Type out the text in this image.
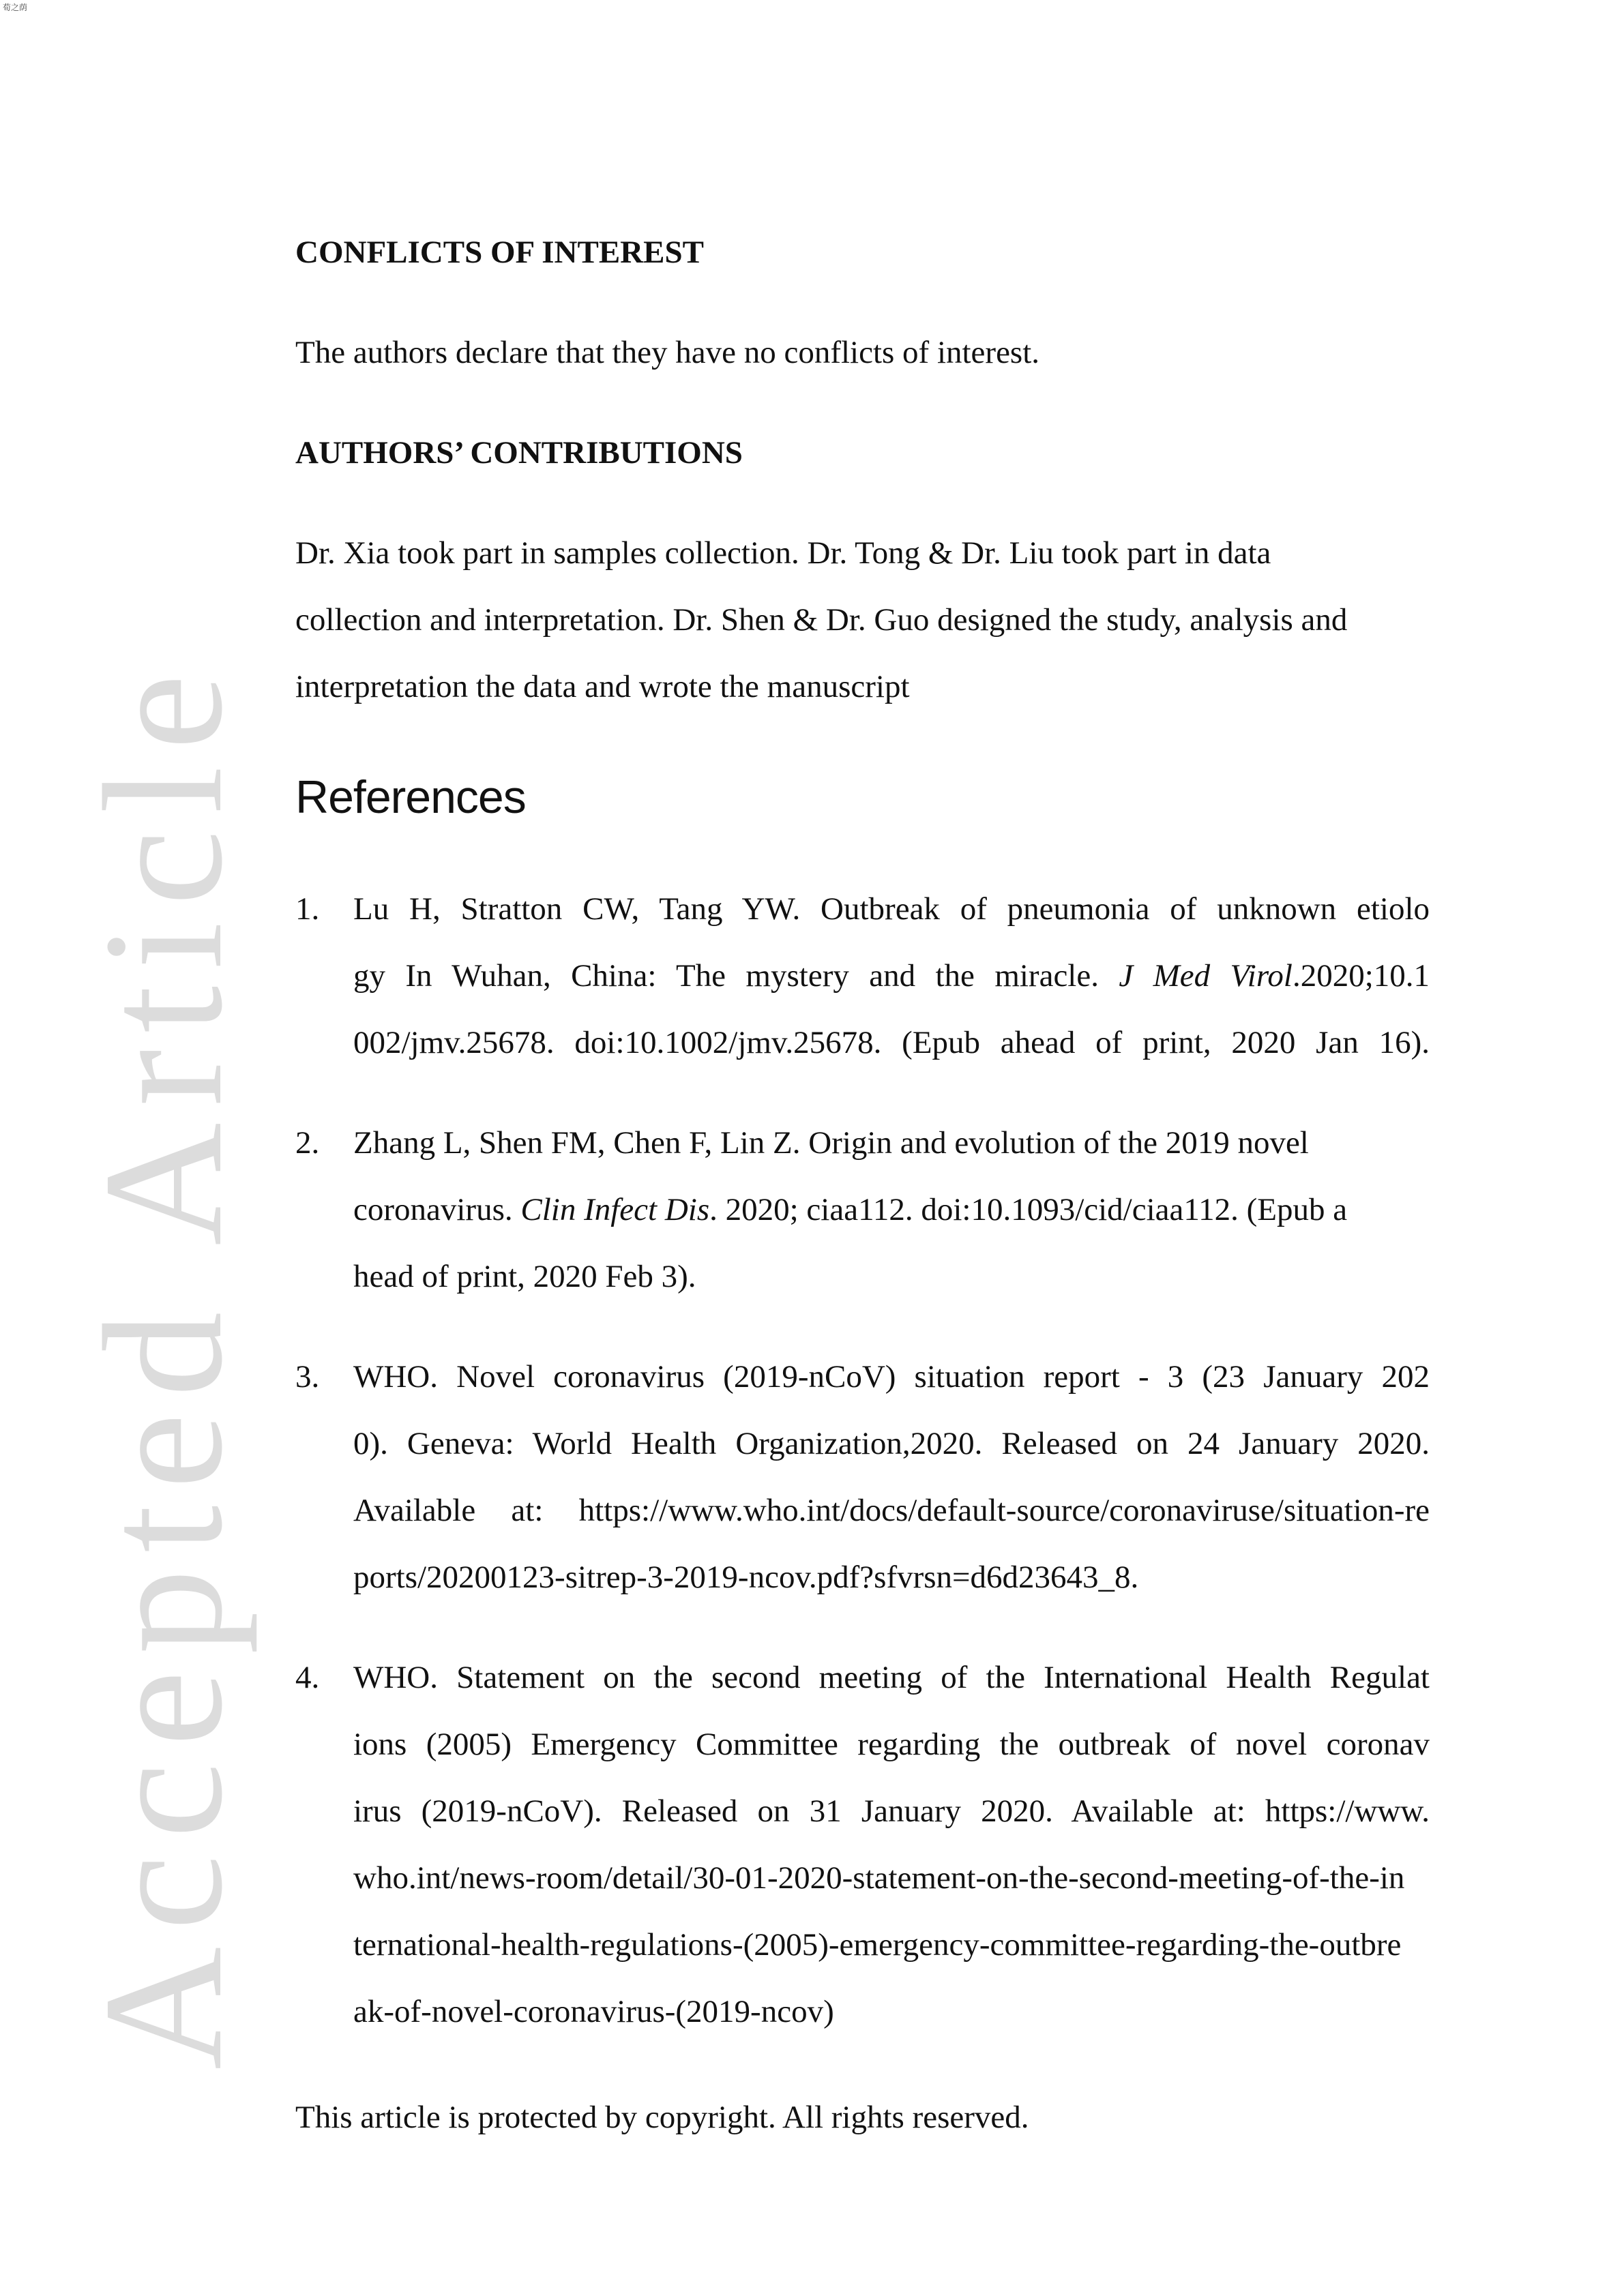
荀之荫
Accepted Article
CONFLICTS OF INTEREST
The authors declare that they have no conflicts of interest.
AUTHORS’ CONTRIBUTIONS
Dr. Xia took part in samples collection. Dr. Tong & Dr. Liu took part in data
collection and interpretation. Dr. Shen & Dr. Guo designed the study, analysis and
interpretation the data and wrote the manuscript
References
1. Lu H, Stratton CW, Tang YW. Outbreak of pneumonia of unknown etiolo
gy In Wuhan, China: The mystery and the miracle. J Med Virol.2020;10.1
002/jmv.25678. doi:10.1002/jmv.25678. (Epub ahead of print, 2020 Jan 16).
2. Zhang L, Shen FM, Chen F, Lin Z. Origin and evolution of the 2019 novel
coronavirus. Clin Infect Dis. 2020; ciaa112. doi:10.1093/cid/ciaa112. (Epub a
head of print, 2020 Feb 3).
3. WHO. Novel coronavirus (2019-nCoV) situation report - 3 (23 January 202
0). Geneva: World Health Organization,2020. Released on 24 January 2020.
Available at: https://www.who.int/docs/default-source/coronaviruse/situation-re
ports/20200123-sitrep-3-2019-ncov.pdf?sfvrsn=d6d23643_8.
4. WHO. Statement on the second meeting of the International Health Regulat
ions (2005) Emergency Committee regarding the outbreak of novel coronav
irus (2019-nCoV). Released on 31 January 2020. Available at: https://www.
who.int/news-room/detail/30-01-2020-statement-on-the-second-meeting-of-the-in
ternational-health-regulations-(2005)-emergency-committee-regarding-the-outbre
ak-of-novel-coronavirus-(2019-ncov)
This article is protected by copyright. All rights reserved.
